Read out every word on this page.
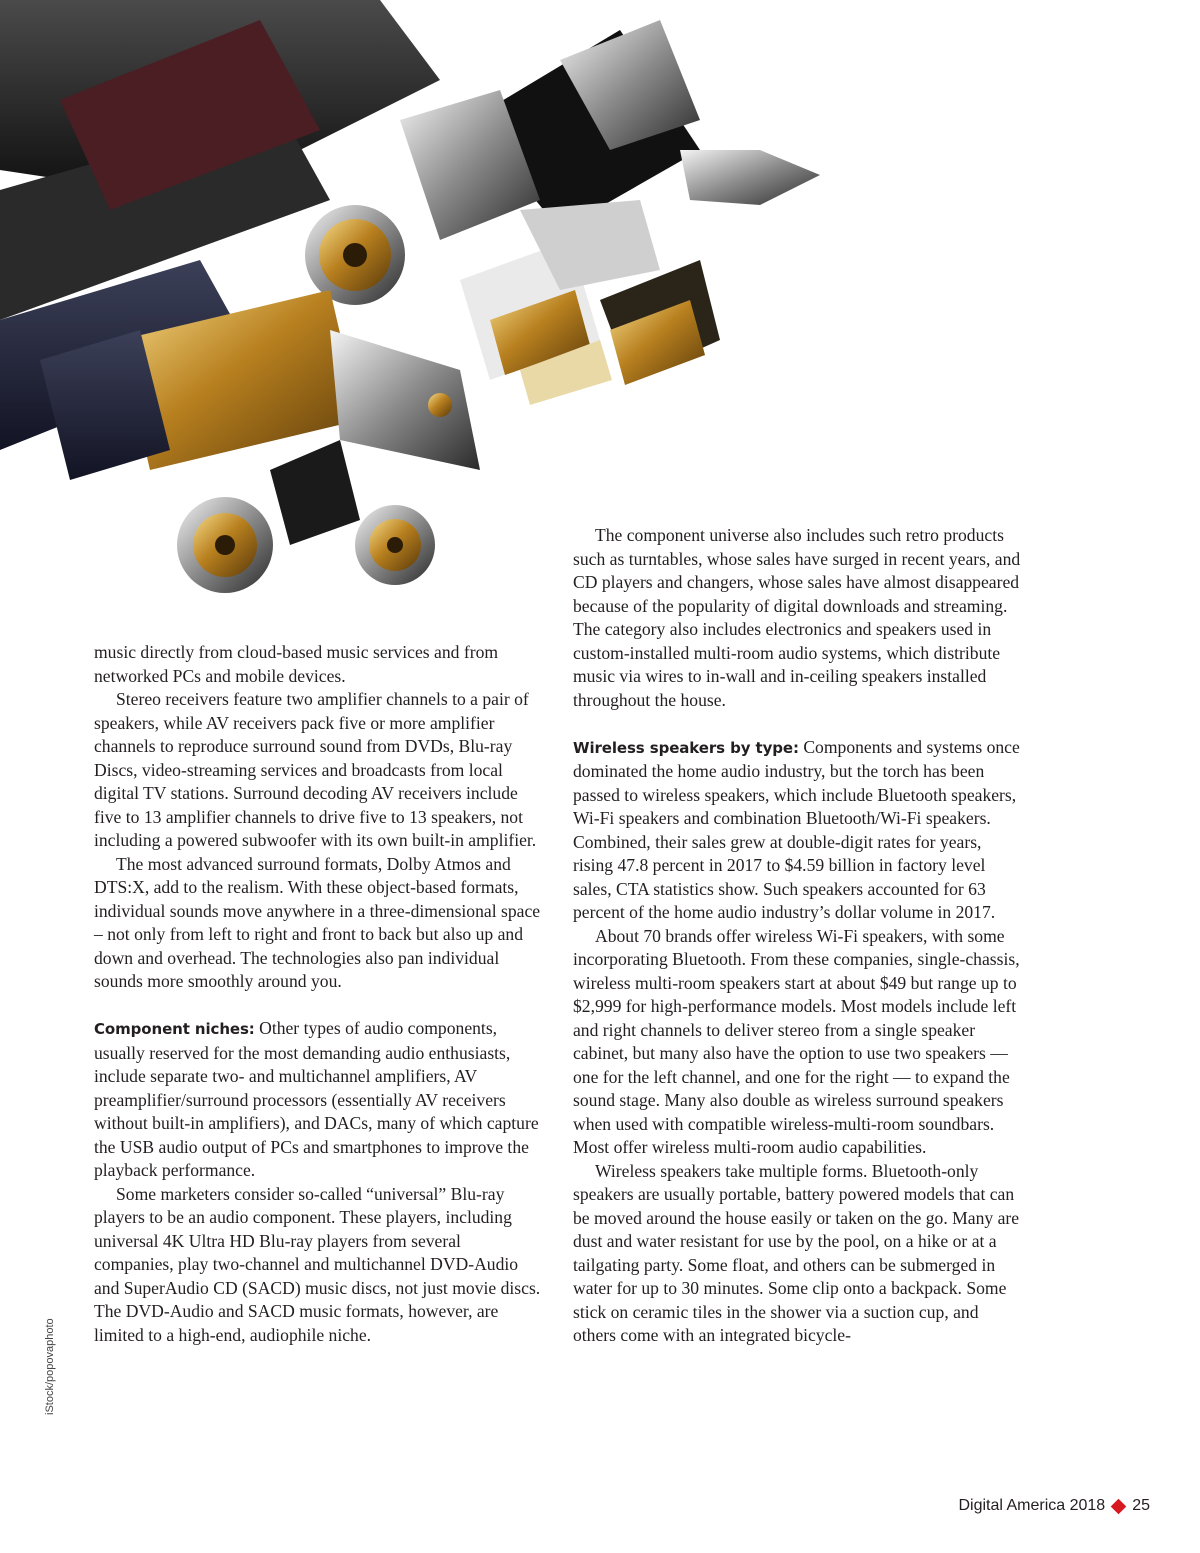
music directly from cloud-based music services and from networked PCs and mobile devices.

Stereo receivers feature two amplifier channels to a pair of speakers, while AV receivers pack five or more amplifier channels to reproduce surround sound from DVDs, Blu-ray Discs, video-streaming services and broadcasts from local digital TV stations. Surround decoding AV receivers include five to 13 amplifier channels to drive five to 13 speakers, not including a powered subwoofer with its own built-in amplifier.

The most advanced surround formats, Dolby Atmos and DTS:X, add to the realism. With these object-based formats, individual sounds move anywhere in a three-dimensional space – not only from left to right and front to back but also up and down and overhead. The technologies also pan individual sounds more smoothly around you.

Component niches: Other types of audio components, usually reserved for the most demanding audio enthusiasts, include separate two- and multichannel amplifiers, AV preamplifier/surround processors (essentially AV receivers without built-in amplifiers), and DACs, many of which capture the USB audio output of PCs and smartphones to improve the playback performance.

Some marketers consider so-called “universal” Blu-ray players to be an audio component. These players, including universal 4K Ultra HD Blu-ray players from several companies, play two-channel and multichannel DVD-Audio and SuperAudio CD (SACD) music discs, not just movie discs. The DVD-Audio and SACD music formats, however, are limited to a high-end, audiophile niche.

The component universe also includes such retro products such as turntables, whose sales have surged in recent years, and CD players and changers, whose sales have almost disappeared because of the popularity of digital downloads and streaming. The category also includes electronics and speakers used in custom-installed multi-room audio systems, which distribute music via wires to in-wall and in-ceiling speakers installed throughout the house.

Wireless speakers by type: Components and systems once dominated the home audio industry, but the torch has been passed to wireless speakers, which include Bluetooth speakers, Wi-Fi speakers and combination Bluetooth/Wi-Fi speakers. Combined, their sales grew at double-digit rates for years, rising 47.8 percent in 2017 to $4.59 billion in factory level sales, CTA statistics show. Such speakers accounted for 63 percent of the home audio industry’s dollar volume in 2017.

About 70 brands offer wireless Wi-Fi speakers, with some incorporating Bluetooth. From these companies, single-chassis, wireless multi-room speakers start at about $49 but range up to $2,999 for high-performance models. Most models include left and right channels to deliver stereo from a single speaker cabinet, but many also have the option to use two speakers — one for the left channel, and one for the right — to expand the sound stage. Many also double as wireless surround speakers when used with compatible wireless-multi-room soundbars. Most offer wireless multi-room audio capabilities.

Wireless speakers take multiple forms. Bluetooth-only speakers are usually portable, battery powered models that can be moved around the house easily or taken on the go. Many are dust and water resistant for use by the pool, on a hike or at a tailgating party. Some float, and others can be submerged in water for up to 30 minutes. Some clip onto a backpack. Some stick on ceramic tiles in the shower via a suction cup, and others come with an integrated bicycle-

iStock/popovaphoto
Digital America 2018 25
